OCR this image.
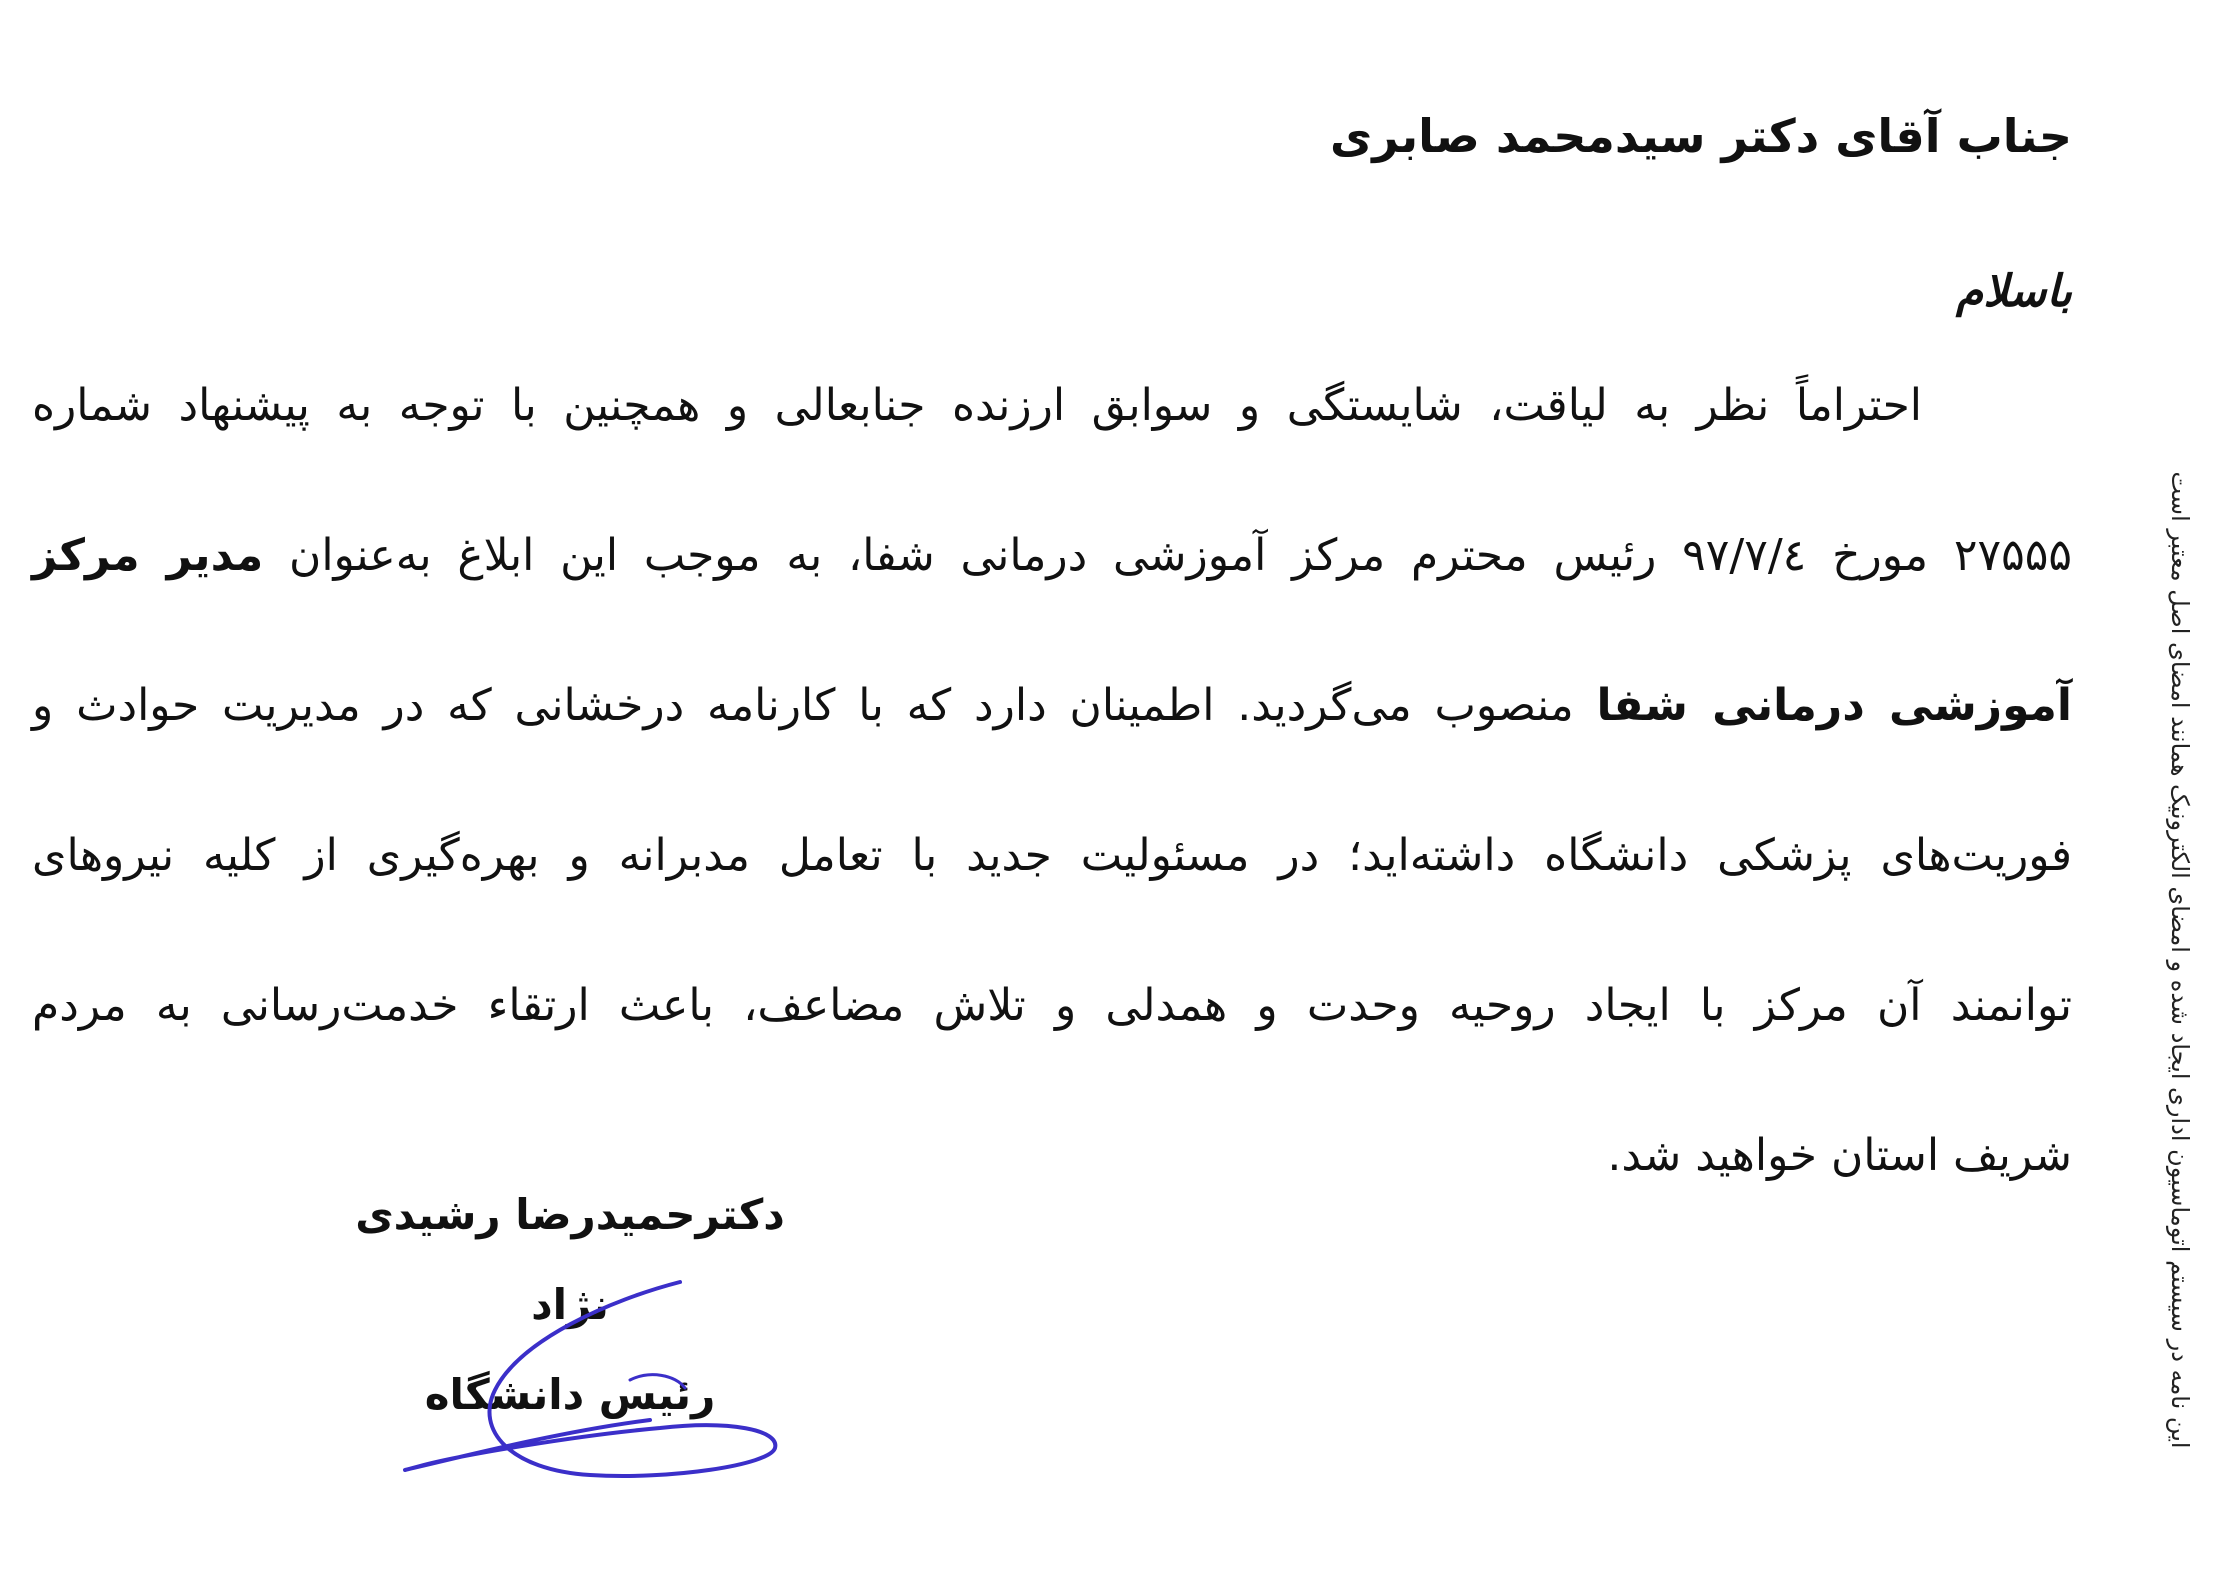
جناب آقای دکتر سیدمحمد صابری
باسلام
احتراماً نظر به لیاقت، شایستگی و سوابق ارزنده جنابعالی و همچنین با توجه به پیشنهاد شماره
۲۷۵۵۵ مورخ ۹۷/۷/٤ رئیس محترم مرکز آموزشی درمانی شفا، به موجب این ابلاغ به‌عنوان مدیر مرکز
آموزشی درمانی شفا منصوب می‌گردید. اطمینان دارد که با کارنامه درخشانی که در مدیریت حوادث و
فوریت‌های پزشکی دانشگاه داشته‌اید؛ در مسئولیت جدید با تعامل مدبرانه و بهره‌گیری از کلیه نیروهای
توانمند آن مرکز با ایجاد روحیه وحدت و همدلی و تلاش مضاعف، باعث ارتقاء خدمت‌رسانی به مردم
شریف استان خواهید شد.
دکترحمیدرضا رشیدی نژاد
رئیس دانشگاه	این نامه در سیستم اتوماسیون اداری ایجاد شده و امضای الکترونیک همانند امضای اصل معتبر است
